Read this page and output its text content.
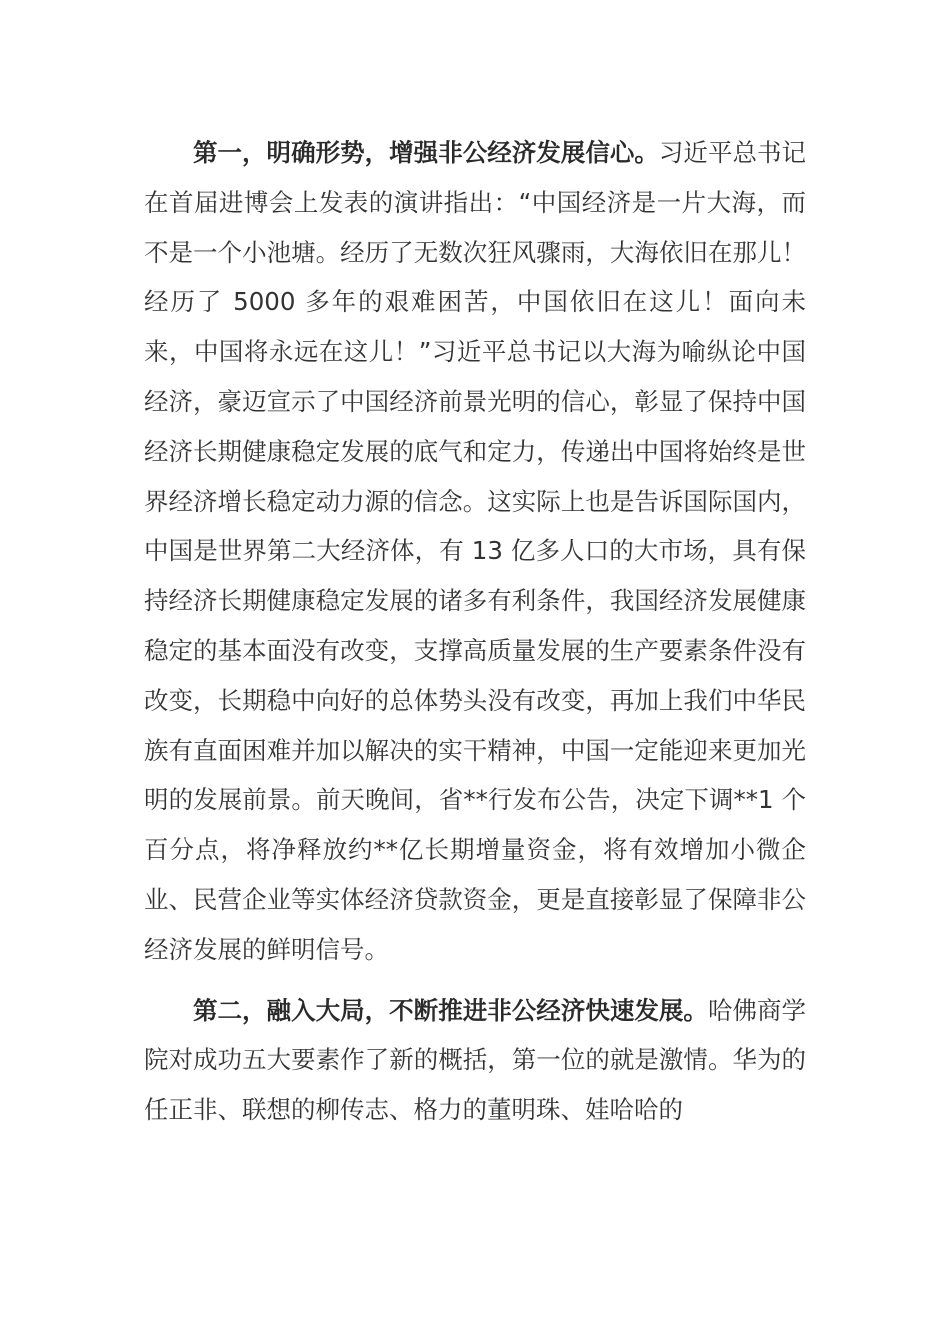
第一，明确形势，增强非公经济发展信心。习近平总书记在首届进博会上发表的演讲指出：“中国经济是一片大海，而不是一个小池塘。经历了无数次狂风骤雨，大海依旧在那儿！经历了 5000 多年的艰难困苦，中国依旧在这儿！面向未来，中国将永远在这儿！”习近平总书记以大海为喻纵论中国经济，豪迈宣示了中国经济前景光明的信心，彰显了保持中国经济长期健康稳定发展的底气和定力，传递出中国将始终是世界经济增长稳定动力源的信念。这实际上也是告诉国际国内，中国是世界第二大经济体，有 13 亿多人口的大市场，具有保持经济长期健康稳定发展的诸多有利条件，我国经济发展健康稳定的基本面没有改变，支撑高质量发展的生产要素条件没有改变，长期稳中向好的总体势头没有改变，再加上我们中华民族有直面困难并加以解决的实干精神，中国一定能迎来更加光明的发展前景。前天晚间，省**行发布公告，决定下调**1 个百分点，将净释放约**亿长期增量资金，将有效增加小微企业、民营企业等实体经济贷款资金，更是直接彰显了保障非公经济发展的鲜明信号。

第二，融入大局，不断推进非公经济快速发展。哈佛商学院对成功五大要素作了新的概括，第一位的就是激情。华为的任正非、联想的柳传志、格力的董明珠、娃哈哈的
